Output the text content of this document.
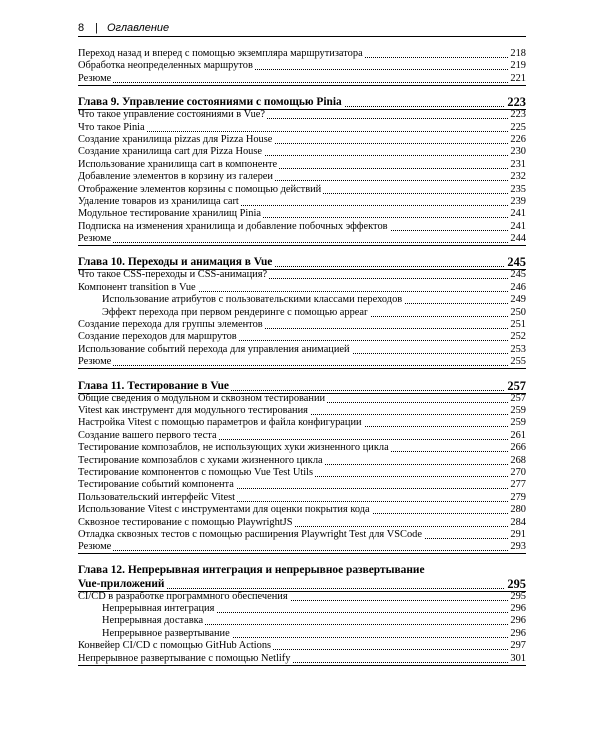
8 | Оглавление
Переход назад и вперед с помощью экземпляра маршрутизатора	218
Обработка неопределенных маршрутов	219
Резюме	221
Глава 9. Управление состояниями с помощью Pinia	223
Что такое управление состояниями в Vue?	223
Что такое Pinia	225
Создание хранилища pizzas для Pizza House	226
Создание хранилища cart для Pizza House	230
Использование хранилища cart в компоненте	231
Добавление элементов в корзину из галереи	232
Отображение элементов корзины с помощью действий	235
Удаление товаров из хранилища cart	239
Модульное тестирование хранилищ Pinia	241
Подписка на изменения хранилища и добавление побочных эффектов	241
Резюме	244
Глава 10. Переходы и анимация в Vue	245
Что такое CSS-переходы и CSS-анимация?	245
Компонент transition в Vue	246
Использование атрибутов с пользовательскими классами переходов	249
Эффект перехода при первом рендеринге с помощью appear	250
Создание перехода для группы элементов	251
Создание переходов для маршрутов	252
Использование событий перехода для управления анимацией	253
Резюме	255
Глава 11. Тестирование в Vue	257
Общие сведения о модульном и сквозном тестировании	257
Vitest как инструмент для модульного тестирования	259
Настройка Vitest с помощью параметров и файла конфигурации	259
Создание вашего первого теста	261
Тестирование композаблов, не использующих хуки жизненного цикла	266
Тестирование композаблов с хуками жизненного цикла	268
Тестирование компонентов с помощью Vue Test Utils	270
Тестирование событий компонента	277
Пользовательский интерфейс Vitest	279
Использование Vitest с инструментами для оценки покрытия кода	280
Сквозное тестирование с помощью PlaywrightJS	284
Отладка сквозных тестов с помощью расширения Playwright Test для VSCode	291
Резюме	293
Глава 12. Непрерывная интеграция и непрерывное развертывание
Vue-приложений	295
CI/CD в разработке программного обеспечения	295
Непрерывная интеграция	296
Непрерывная доставка	296
Непрерывное развертывание	296
Конвейер CI/CD с помощью GitHub Actions	297
Непрерывное развертывание с помощью Netlify	301
